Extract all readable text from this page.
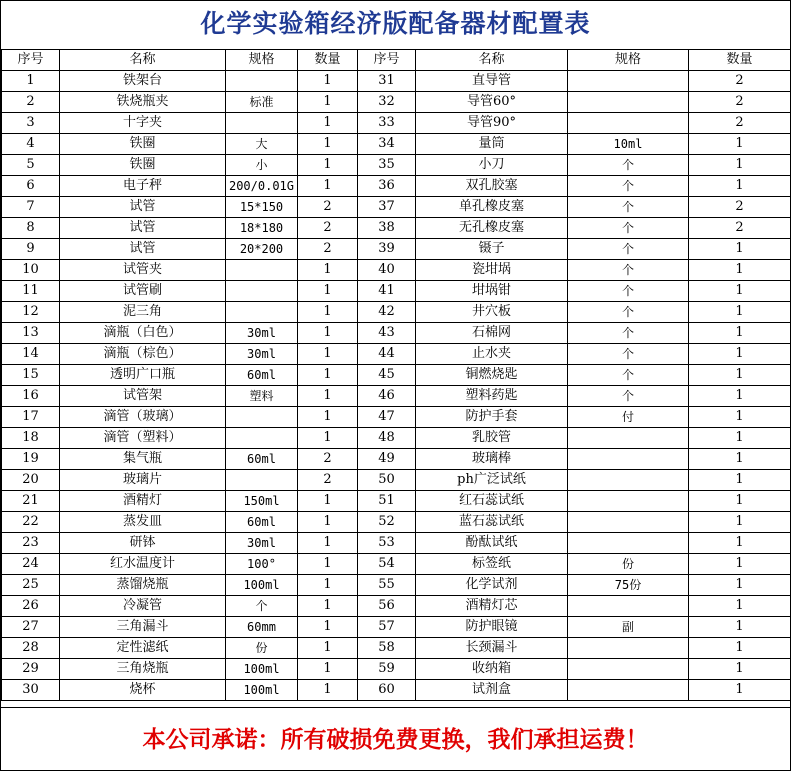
化学实验箱经济版配备器材配置表
序号	名称	规格	数量	序号	名称	规格	数量
1	铁架台		1	31	直导管		2
2	铁烧瓶夹	标准	1	32	导管60°		2
3	十字夹		1	33	导管90°		2
4	铁圈	大	1	34	量筒	10ml	1
5	铁圈	小	1	35	小刀	个	1
6	电子秤	200/0.01G	1	36	双孔胶塞	个	1
7	试管	15*150	2	37	单孔橡皮塞	个	2
8	试管	18*180	2	38	无孔橡皮塞	个	2
9	试管	20*200	2	39	镊子	个	1
10	试管夹		1	40	瓷坩埚	个	1
11	试管刷		1	41	坩埚钳	个	1
12	泥三角		1	42	井穴板	个	1
13	滴瓶（白色）	30ml	1	43	石棉网	个	1
14	滴瓶（棕色）	30ml	1	44	止水夹	个	1
15	透明广口瓶	60ml	1	45	铜燃烧匙	个	1
16	试管架	塑料	1	46	塑料药匙	个	1
17	滴管（玻璃）		1	47	防护手套	付	1
18	滴管（塑料）		1	48	乳胶管		1
19	集气瓶	60ml	2	49	玻璃棒		1
20	玻璃片		2	50	ph广泛试纸		1
21	酒精灯	150ml	1	51	红石蕊试纸		1
22	蒸发皿	60ml	1	52	蓝石蕊试纸		1
23	研钵	30ml	1	53	酚酞试纸		1
24	红水温度计	100°	1	54	标签纸	份	1
25	蒸馏烧瓶	100ml	1	55	化学试剂	75份	1
26	冷凝管	个	1	56	酒精灯芯		1
27	三角漏斗	60mm	1	57	防护眼镜	副	1
28	定性滤纸	份	1	58	长颈漏斗		1
29	三角烧瓶	100ml	1	59	收纳箱		1
30	烧杯	100ml	1	60	试剂盒		1
本公司承诺：所有破损免费更换，我们承担运费！
